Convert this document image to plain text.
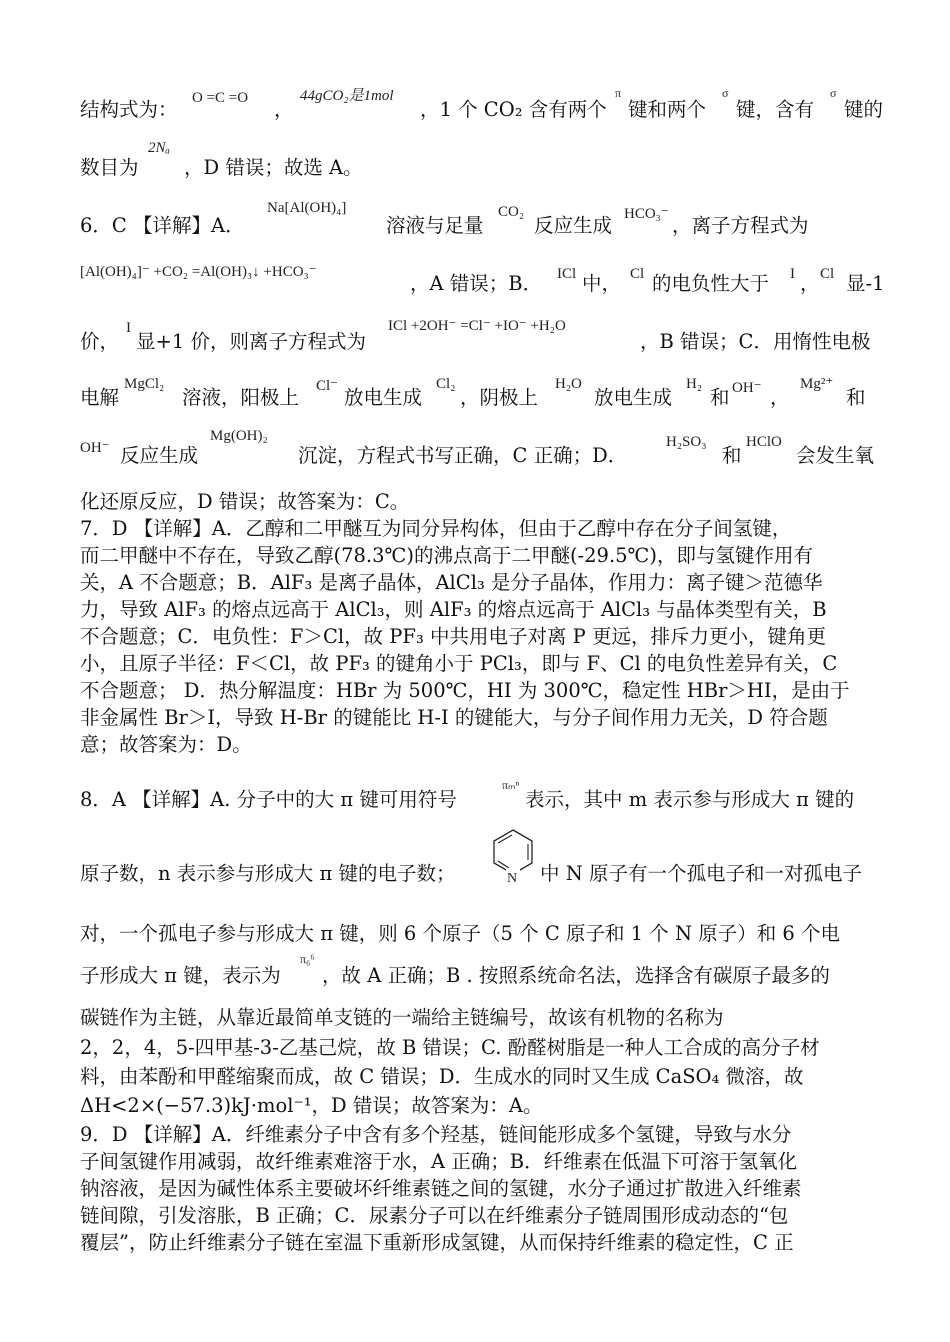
结构式为： O =C =O ，
44gCO₂是1mol
，1 个 CO₂ 含有两个
π
键和两个
σ
键，含有
σ
键的
数目为
2Nₐ
，D 错误；故选 A。
6．C 【详解】A．
Na[Al(OH)₄]
溶液与足量
CO₂
反应生成 HCO₃⁻ ，离子方程式为
[Al(OH)₄]⁻ +CO₂ =Al(OH)₃↓ +HCO₃⁻	，A 错误；B． ICl 中， Cl 的电负性大于 I ， Cl 显-1
价，
I
显+1 价，则离子方程式为
ICl +2OH⁻ =Cl⁻ +IO⁻ +H₂O
，B 错误；C．用惰性电极
电解
MgCl₂
溶液，阳极上 Cl⁻ 放电生成
Cl₂
，阴极上
H₂O
放电生成
H₂
和 OH⁻ ，
Mg²⁺
和
OH⁻ 反应生成
Mg(OH)₂
沉淀，方程式书写正确，C 正确；D．
H₂SO₃
和
HClO
会发生氧
化还原反应，D 错误；故答案为：C。
7．D 【详解】A．乙醇和二甲醚互为同分异构体，但由于乙醇中存在分子间氢键，
而二甲醚中不存在，导致乙醇(78.3℃)的沸点高于二甲醚(-29.5℃)，即与氢键作用有
关，A 不合题意；B．AlF₃ 是离子晶体，AlCl₃ 是分子晶体，作用力：离子键＞范德华
力，导致 AlF₃ 的熔点远高于 AlCl₃，则 AlF₃ 的熔点远高于 AlCl₃ 与晶体类型有关，B
不合题意；C．电负性：F＞Cl，故 PF₃ 中共用电子对离 P 更远，排斥力更小，键角更
小，且原子半径：F＜Cl，故 PF₃ 的键角小于 PCl₃，即与 F、Cl 的电负性差异有关，C
不合题意； D．热分解温度：HBr 为 500℃，HI 为 300℃，稳定性 HBr＞HI，是由于
非金属性 Br＞I，导致 H-Br 的键能比 H-I 的键能大，与分子间作用力无关，D 符合题
意；故答案为：D。
8．A 【详解】A. 分子中的大 π 键可用符号
πₘⁿ
表示，其中 m 表示参与形成大 π 键的
原子数，n 表示参与形成大 π 键的电子数；	N 中 N 原子有一个孤电子和一对孤电子
对，一个孤电子参与形成大 π 键，则 6 个原子（5 个 C 原子和 1 个 N 原子）和 6 个电
子形成大 π 键，表示为
π₆⁶
，故 A 正确；B . 按照系统命名法，选择含有碳原子最多的
碳链作为主链，从靠近最简单支链的一端给主链编号，故该有机物的名称为
2，2，4，5-四甲基-3-乙基己烷，故 B 错误；C. 酚醛树脂是一种人工合成的高分子材
料，由苯酚和甲醛缩聚而成，故 C 错误；D．生成水的同时又生成 CaSO₄ 微溶，故
ΔH<2×(−57.3)kJ·mol⁻¹，D 错误；故答案为：A。
9．D 【详解】A．纤维素分子中含有多个羟基，链间能形成多个氢键，导致与水分
子间氢键作用减弱，故纤维素难溶于水，A 正确；B．纤维素在低温下可溶于氢氧化
钠溶液，是因为碱性体系主要破坏纤维素链之间的氢键，水分子通过扩散进入纤维素
链间隙，引发溶胀，B 正确；C．尿素分子可以在纤维素分子链周围形成动态的“包
覆层”，防止纤维素分子链在室温下重新形成氢键，从而保持纤维素的稳定性，C 正
